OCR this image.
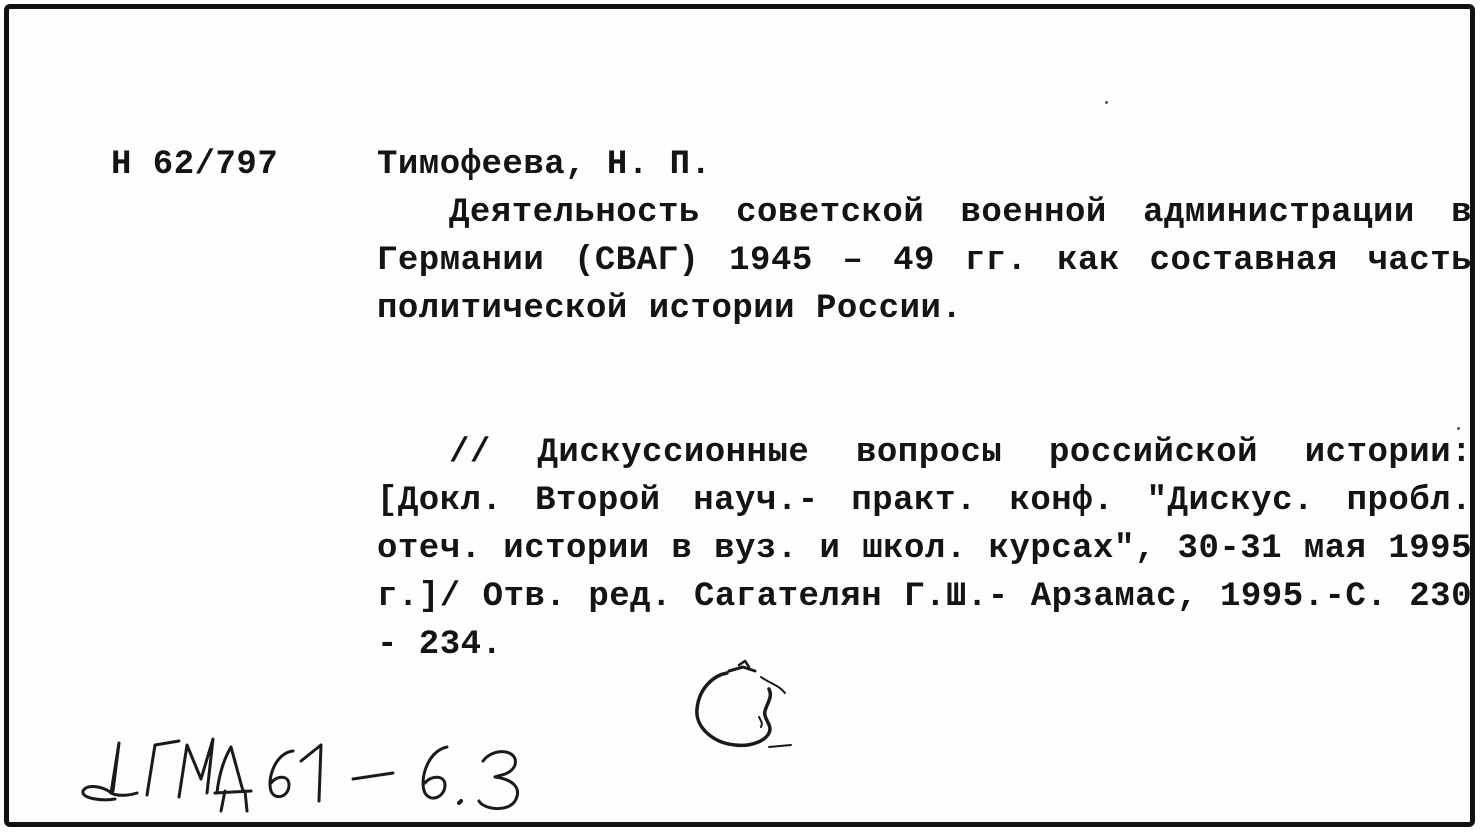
Н 62/797	Тимофеева, Н. П.

Деятельность советской военной администрации в Германии (СВАГ) 1945 – 49 гг. как составная часть политической истории России.

// Дискуссионные вопросы российской истории: [Докл. Второй науч.- практ. конф. "Дискус. пробл. отеч. истории в вуз. и школ. курсах", 30-31 мая 1995 г.]/ Отв. ред. Сагателян Г.Ш.- Арзамас, 1995.-С. 230 - 234.
